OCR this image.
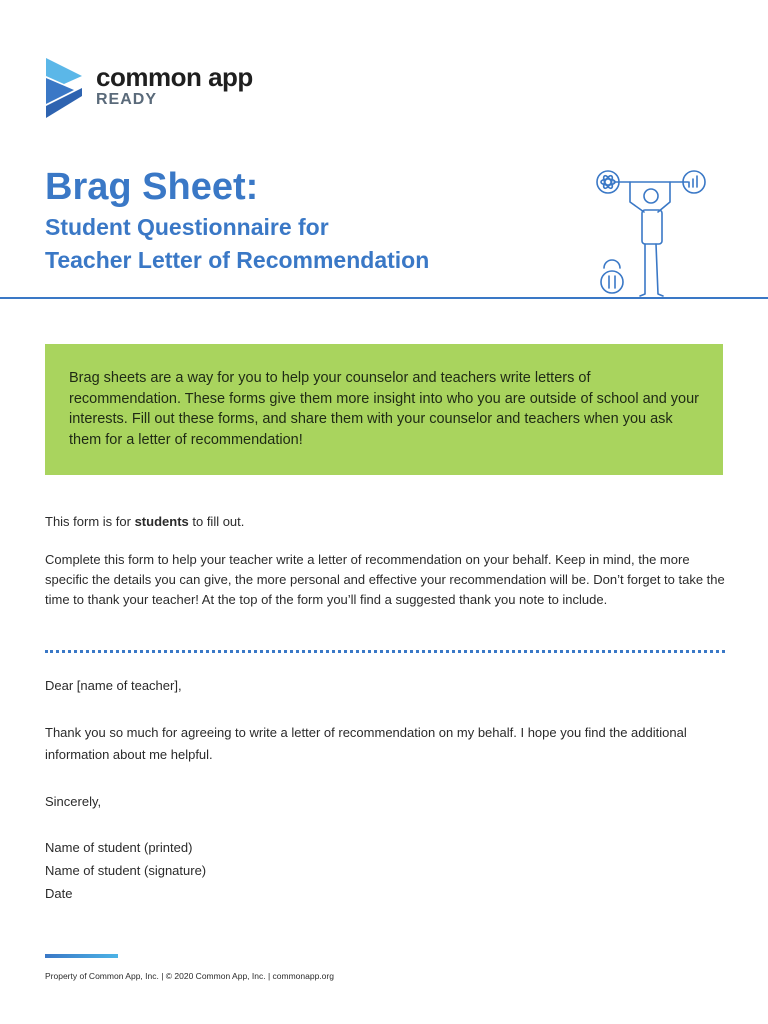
common app
READY
Brag Sheet:
Student Questionnaire for
Teacher Letter of Recommendation

Brag sheets are a way for you to help your counselor and teachers write letters of recommendation. These forms give them more insight into who you are outside of school and your interests. Fill out these forms, and share them with your counselor and teachers when you ask them for a letter of recommendation!

This form is for students to fill out.

Complete this form to help your teacher write a letter of recommendation on your behalf. Keep in mind, the more specific the details you can give, the more personal and effective your recommendation will be. Don’t forget to take the time to thank your teacher! At the top of the form you’ll find a suggested thank you note to include.

Dear [name of teacher],

Thank you so much for agreeing to write a letter of recommendation on my behalf. I hope you find the additional information about me helpful.

Sincerely,

Name of student (printed)

Name of student (signature)

Date

Property of Common App, Inc. | © 2020 Common App, Inc. | commonapp.org
